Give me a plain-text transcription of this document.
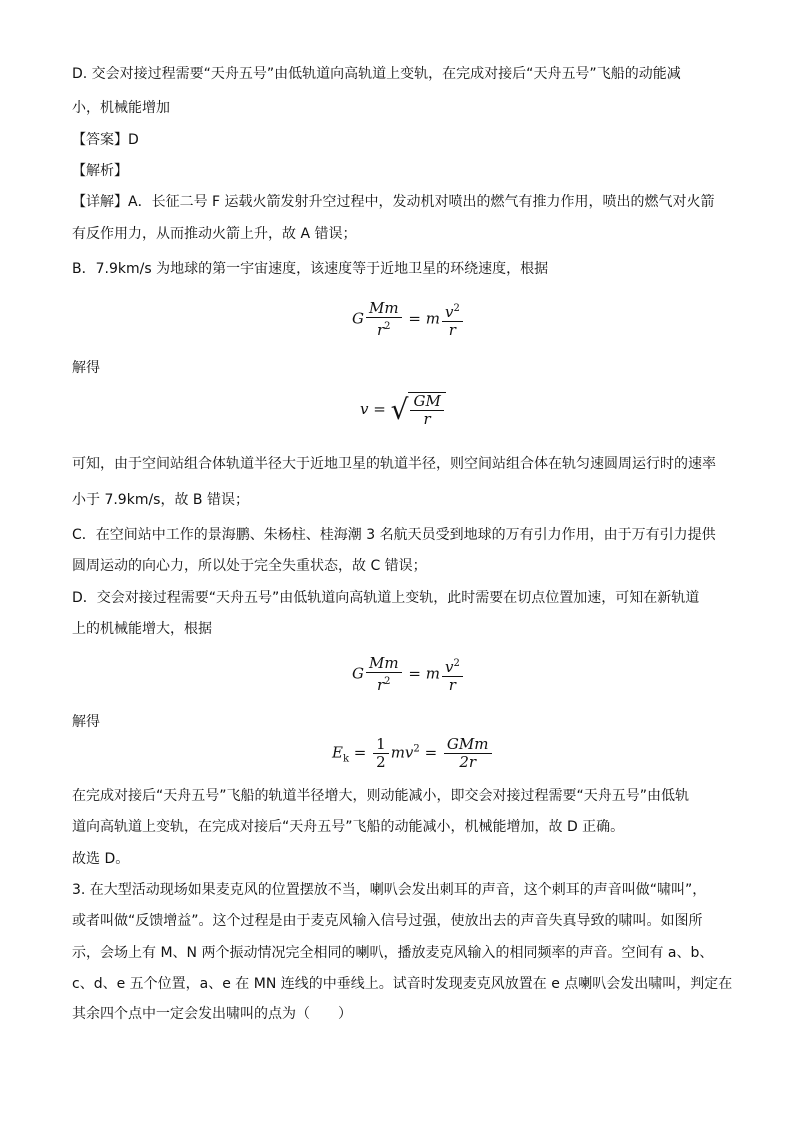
D. 交会对接过程需要“天舟五号”由低轨道向高轨道上变轨，在完成对接后“天舟五号”飞船的动能减
小，机械能增加
【答案】D
【解析】
【详解】A．长征二号 F 运载火箭发射升空过程中，发动机对喷出的燃气有推力作用，喷出的燃气对火箭
有反作用力，从而推动火箭上升，故 A 错误；
B．7.9km/s 为地球的第一宇宙速度，该速度等于近地卫星的环绕速度，根据
G $\frac{Mm}{r^2} = m \frac{v^2}{r}$
解得
v = √ $\frac{GM}{r}$
可知，由于空间站组合体轨道半径大于近地卫星的轨道半径，则空间站组合体在轨匀速圆周运行时的速率
小于 7.9km/s，故 B 错误；
C．在空间站中工作的景海鹏、朱杨柱、桂海潮 3 名航天员受到地球的万有引力作用，由于万有引力提供
圆周运动的向心力，所以处于完全失重状态，故 C 错误；
D．交会对接过程需要“天舟五号”由低轨道向高轨道上变轨，此时需要在切点位置加速，可知在新轨道
上的机械能增大，根据
G $\frac{Mm}{r^2} = m \frac{v^2}{r}$
解得
$E_k = \frac{1}{2} mv^2 = \frac{\text{GMm}}{2r}$
在完成对接后“天舟五号”飞船的轨道半径增大，则动能减小，即交会对接过程需要“天舟五号”由低轨
道向高轨道上变轨，在完成对接后“天舟五号”飞船的动能减小，机械能增加，故 D 正确。
故选 D。
3. 在大型活动现场如果麦克风的位置摆放不当，喇叭会发出刺耳的声音，这个刺耳的声音叫做“啸叫”，
或者叫做“反馈增益”。这个过程是由于麦克风输入信号过强，使放出去的声音失真导致的啸叫。如图所
示，会场上有 M、N 两个振动情况完全相同的喇叭，播放麦克风输入的相同频率的声音。空间有 a、b、
c、d、e 五个位置，a、e 在 MN 连线的中垂线上。试音时发现麦克风放置在 e 点喇叭会发出啸叫，判定在
其余四个点中一定会发出啸叫的点为（　　）
